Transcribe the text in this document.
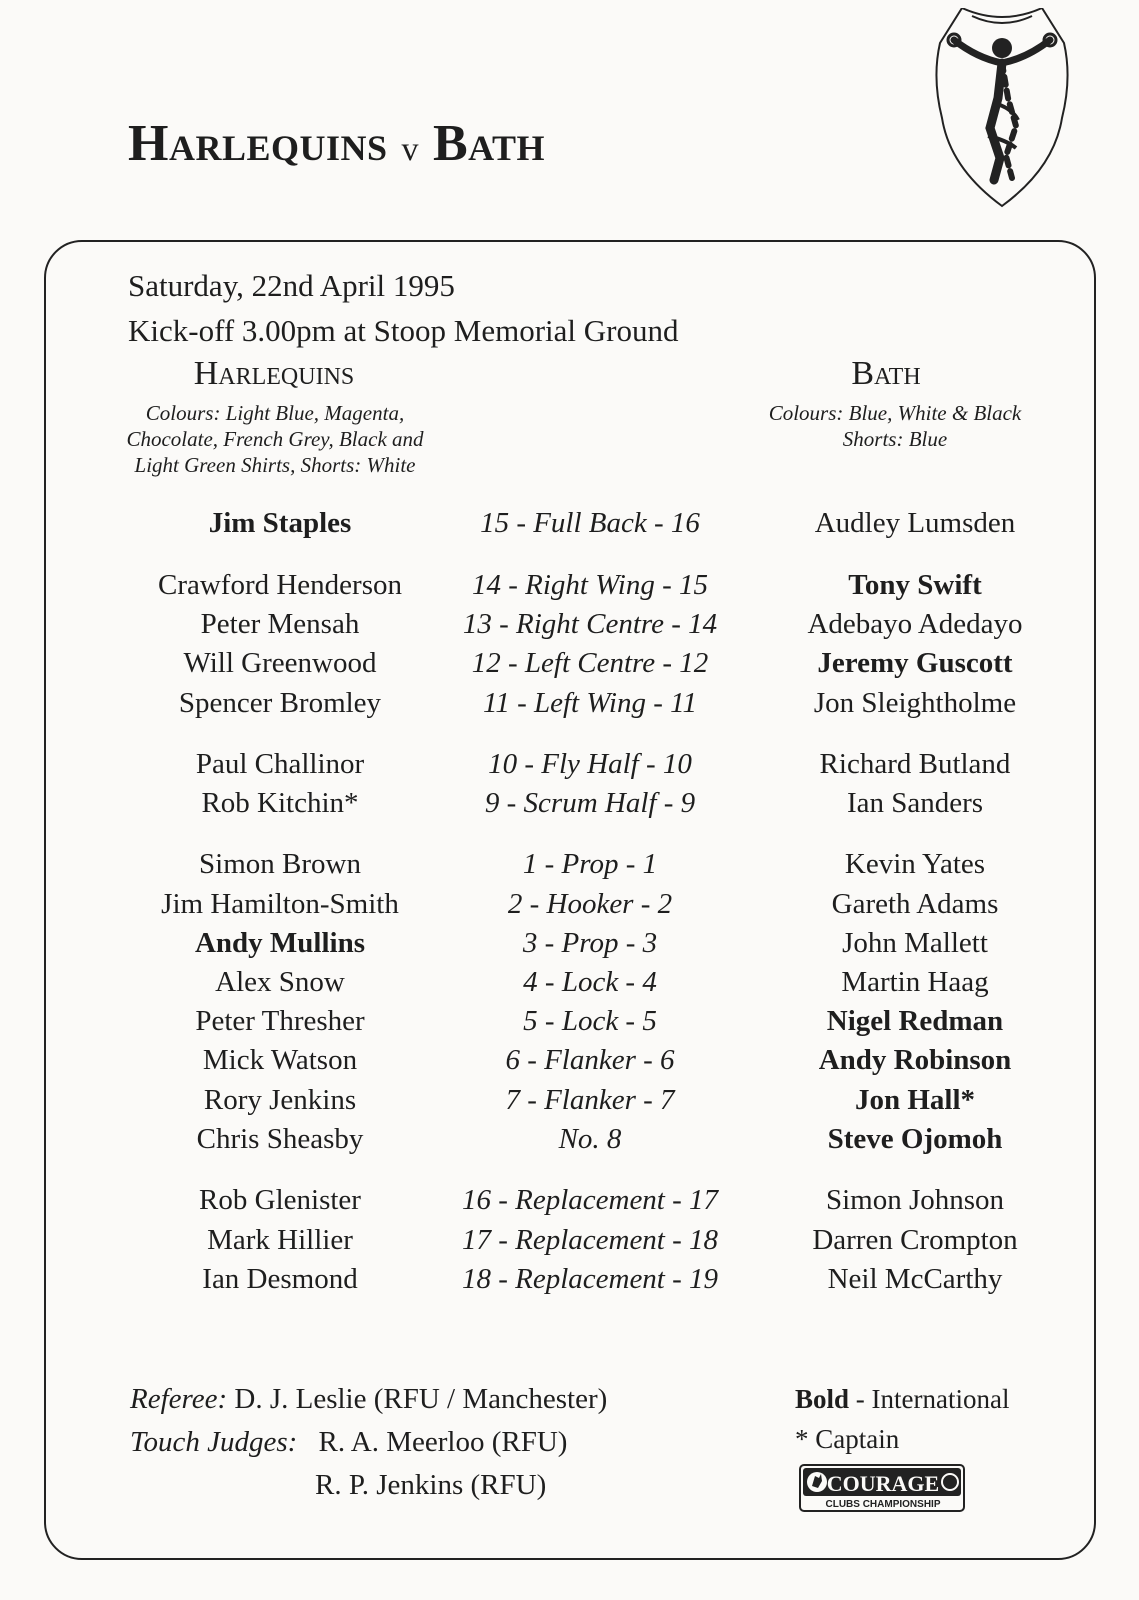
Harlequins v Bath

Saturday, 22nd April 1995

Kick-off 3.00pm at Stoop Memorial Ground

Harlequins	Bath
Colours: Light Blue, Magenta,
Chocolate, French Grey, Black and
Light Green Shirts, Shorts: White
Colours: Blue, White & Black
Shorts: Blue
Jim Staples	15 - Full Back - 16	Audley Lumsden
Crawford Henderson	14 - Right Wing - 15	Tony Swift
Peter Mensah	13 - Right Centre - 14	Adebayo Adedayo
Will Greenwood	12 - Left Centre - 12	Jeremy Guscott
Spencer Bromley	11 - Left Wing - 11	Jon Sleightholme
Paul Challinor	10 - Fly Half - 10	Richard Butland
Rob Kitchin*	9 - Scrum Half - 9	Ian Sanders
Simon Brown	1 - Prop - 1	Kevin Yates
Jim Hamilton-Smith	2 - Hooker - 2	Gareth Adams
Andy Mullins	3 - Prop - 3	John Mallett
Alex Snow	4 - Lock - 4	Martin Haag
Peter Thresher	5 - Lock - 5	Nigel Redman
Mick Watson	6 - Flanker - 6	Andy Robinson
Rory Jenkins	7 - Flanker - 7	Jon Hall*
Chris Sheasby	No. 8	Steve Ojomoh
Rob Glenister	16 - Replacement - 17	Simon Johnson
Mark Hillier	17 - Replacement - 18	Darren Crompton
Ian Desmond	18 - Replacement - 19	Neil McCarthy
Referee: D. J. Leslie (RFU / Manchester)
Touch Judges: R. A. Meerloo (RFU)
R. P. Jenkins (RFU)
Bold - International
* Captain
COURAGE
CLUBS CHAMPIONSHIP
